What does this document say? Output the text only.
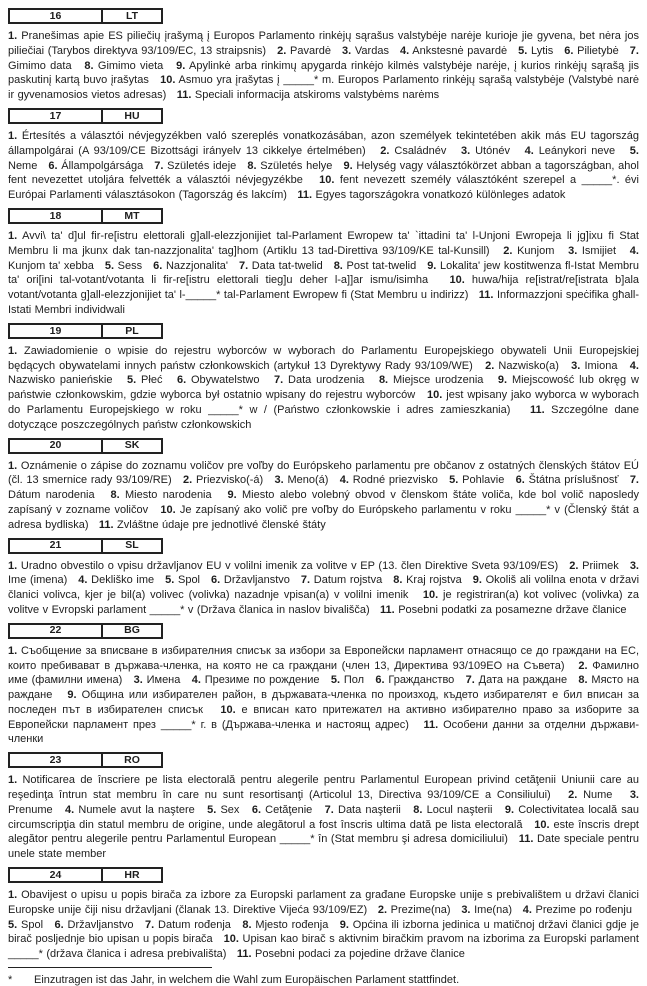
16	LT

1. Pranešimas apie ES piliečių įrašymą į Europos Parlamento rinkėjų sąrašus valstybėje narėje kurioje jie gyvena, bet nėra jos piliečiai (Tarybos direktyva 93/109/EC, 13 straipsnis) 2. Pavardė 3. Vardas 4. Ankstesnė pavardė 5. Lytis 6. Pilietybė 7. Gimimo data 8. Gimimo vieta 9. Apylinkė arba rinkimų apygarda rinkėjo kilmės valstybėje narėje, į kurios rinkėjų sąrašą jis paskutinį kartą buvo įrašytas 10. Asmuo yra įrašytas į _____* m. Europos Parlamento rinkėjų sąrašą valstybėje (Valstybė narė ir gyvenamosios vietos adresas) 11. Speciali informacija atskiroms valstybėms narėms

17	HU

1. Értesítés a választói névjegyzékben való szereplés vonatkozásában, azon személyek tekintetében akik más EU tagország állampolgárai (A 93/109/CE Bizottsági irányelv 13 cikkelye értelmében) 2. Családnév 3. Utónév 4. Leánykori neve 5. Neme 6. Állampolgársága 7. Születés ideje 8. Születés helye 9. Helység vagy választókörzet abban a tagországban, ahol fent nevezettet utoljára felvették a választói névjegyzékbe 10. fent nevezett személy választóként szerepel a _____*. évi Európai Parlamenti választásokon (Tagország és lakcím) 11. Egyes tagországokra vonatkozó különleges adatok

18	MT

1. Avvi\ ta' d]ul fir-re[istru elettorali g]all-elezzjonijiet tal-Parlament Ewropew ta' `ittadini ta' l-Unjoni Ewropeja li jg]ixu fi Stat Membru li ma jkunx dak tan-nazzjonalita' tag]hom (Artiklu 13 tad-Direttiva 93/109/KE tal-Kunsill) 2. Kunjom 3. Ismijiet 4. Kunjom ta' xebba 5. Sess 6. Nazzjonalita' 7. Data tat-twelid 8. Post tat-twelid 9. Lokalita' jew kostitwenza fl-Istat Membru ta' ori[ini tal-votant/votanta li fir-re[istru elettorali tieg]u deher l-a]]ar ismu/isimha 10. huwa/hija re[istrat/re[istrata b]ala votant/votanta g]all-elezzjonijiet ta' l-_____* tal-Parlament Ewropew fi (Stat Membru u indirizz) 11. Informazzjoni speċifika għall-Istati Membri individwali

19	PL

1. Zawiadomienie o wpisie do rejestru wyborców w wyborach do Parlamentu Europejskiego obywateli Unii Europejskiej będących obywatelami innych państw członkowskich (artykuł 13 Dyrektywy Rady 93/109/WE) 2. Nazwisko(a) 3. Imiona 4. Nazwisko panieńskie 5. Płeć 6. Obywatelstwo 7. Data urodzenia 8. Miejsce urodzenia 9. Miejscowość lub okręg w państwie członkowskim, gdzie wyborca był ostatnio wpisany do rejestru wyborców 10. jest wpisany jako wyborca w wyborach do Parlamentu Europejskiego w roku _____* w / (Państwo członkowskie i adres zamieszkania) 11. Szczególne dane dotyczące poszczególnych państw członkowskich

20	SK

1. Oznámenie o zápise do zoznamu voličov pre voľby do Európskeho parlamentu pre občanov z ostatných členských štátov EÚ (čl. 13 smernice rady 93/109/RE) 2. Priezvisko(-á) 3. Meno(á) 4. Rodné priezvisko 5. Pohlavie 6. Štátna príslušnosť 7. Dátum narodenia 8. Miesto narodenia 9. Miesto alebo volebný obvod v členskom štáte voliča, kde bol volič naposledy zapísaný v zozname voličov 10. Je zapísaný ako volič pre voľby do Európskeho parlamentu v roku _____* v (Členský štát a adresa bydliska) 11. Zvláštne údaje pre jednotlivé členské štáty

21	SL

1. Uradno obvestilo o vpisu državljanov EU v volilni imenik za volitve v EP (13. člen Direktive Sveta 93/109/ES) 2. Priimek 3. Ime (imena) 4. Dekliško ime 5. Spol 6. Državljanstvo 7. Datum rojstva 8. Kraj rojstva 9. Okoliš ali volilna enota v državi članici volivca, kjer je bil(a) volivec (volivka) nazadnje vpisan(a) v volilni imenik 10. je registriran(a) kot volivec (volivka) za volitve v Evropski parlament _____* v (Država članica in naslov bivališča) 11. Posebni podatki za posamezne države članice

22	BG

1. Съобщение за вписване в избирателния списък за избори за Европейски парламент отнасящо се до граждани на ЕС, които пребивават в държава-членка, на която не са граждани (член 13, Директива 93/109ЕО на Съвета) 2. Фамилно име (фамилни имена) 3. Имена 4. Презиме по рождение 5. Пол 6. Гражданство 7. Дата на раждане 8. Място на раждане 9. Община или избирателен район, в държавата-членка по произход, където избирателят е бил вписан за последен път в избирателен списък 10. е вписан като притежател на активно избирателно право за изборите за Европейски парламент през _____* г. в (Държава-членка и настоящ адрес) 11. Особени данни за отделни държави-членки

23	RO

1. Notificarea de înscriere pe lista electorală pentru alegerile pentru Parlamentul European privind cetăţenii Uniunii care au reşedinţa întrun stat membru în care nu sunt resortisanţi (Articolul 13, Directiva 93/109/CE a Consiliului) 2. Nume 3. Prenume 4. Numele avut la naştere 5. Sex 6. Cetăţenie 7. Data naşterii 8. Locul naşterii 9. Colectivitatea locală sau circumscripţia din statul membru de origine, unde alegătorul a fost înscris ultima dată pe lista electorală 10. este înscris drept alegător pentru alegerile pentru Parlamentul European _____* în (Stat membru şi adresa domiciliului) 11. Date speciale pentru unele state member

24	HR

1. Obavijest o upisu u popis birača za izbore za Europski parlament za građane Europske unije s prebivalištem u državi članici Europske unije čiji nisu državljani (članak 13. Direktive Vijeća 93/109/EZ) 2. Prezime(na) 3. Ime(na) 4. Prezime po rođenju   5. Spol 6. Državljanstvo 7. Datum rođenja 8. Mjesto rođenja 9. Općina ili izborna jedinica u matičnoj državi članici gdje je birač posljednje bio upisan u popis birača 10. Upisan kao birač s aktivnim biračkim pravom na izborima za Europski parlament _____* (država članica i adresa prebivališta) 11. Posebni podaci za pojedine države članice

*	Einzutragen ist das Jahr, in welchem die Wahl zum Europäischen Parlament stattfindet.
